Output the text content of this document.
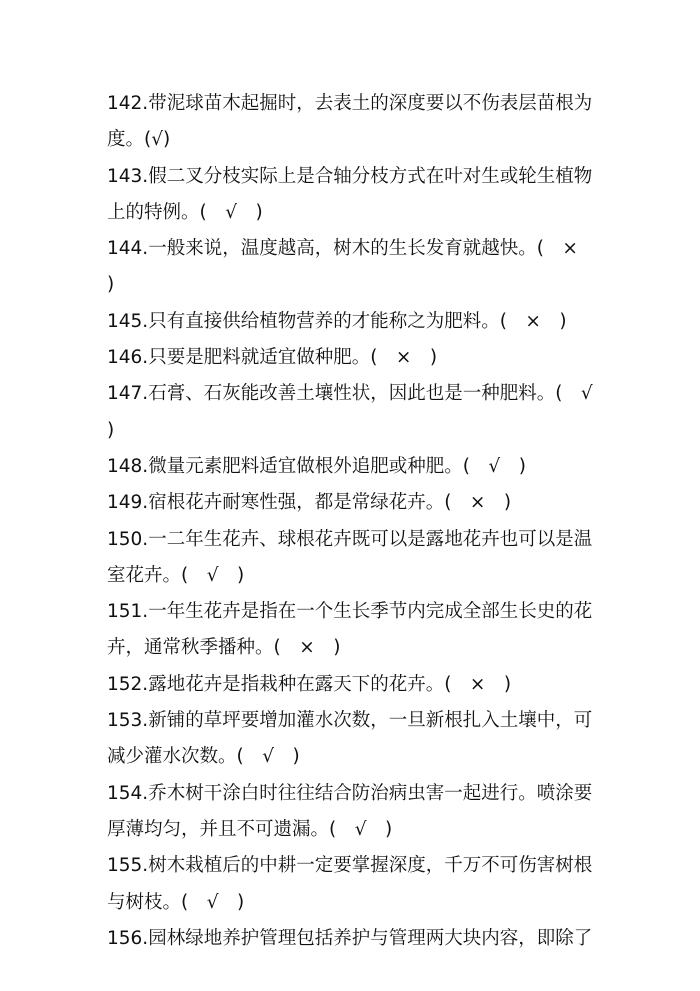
142.带泥球苗木起掘时，去表土的深度要以不伤表层苗根为度。(√)

143.假二叉分枝实际上是合轴分枝方式在叶对生或轮生植物上的特例。(　√　)

144.一般来说，温度越高，树木的生长发育就越快。(　×　)

145.只有直接供给植物营养的才能称之为肥料。(　×　)

146.只要是肥料就适宜做种肥。(　×　)

147.石膏、石灰能改善土壤性状，因此也是一种肥料。(　√　)

148.微量元素肥料适宜做根外追肥或种肥。(　√　)

149.宿根花卉耐寒性强，都是常绿花卉。(　×　)

150.一二年生花卉、球根花卉既可以是露地花卉也可以是温室花卉。(　√　)

151.一年生花卉是指在一个生长季节内完成全部生长史的花卉，通常秋季播种。(　×　)

152.露地花卉是指栽种在露天下的花卉。(　×　)

153.新铺的草坪要增加灌水次数，一旦新根扎入土壤中，可减少灌水次数。(　√　)

154.乔木树干涂白时往往结合防治病虫害一起进行。喷涂要厚薄均匀，并且不可遗漏。(　√　)

155.树木栽植后的中耕一定要掌握深度，千万不可伤害树根与树枝。(　√　)

156.园林绿地养护管理包括养护与管理两大块内容，即除了
